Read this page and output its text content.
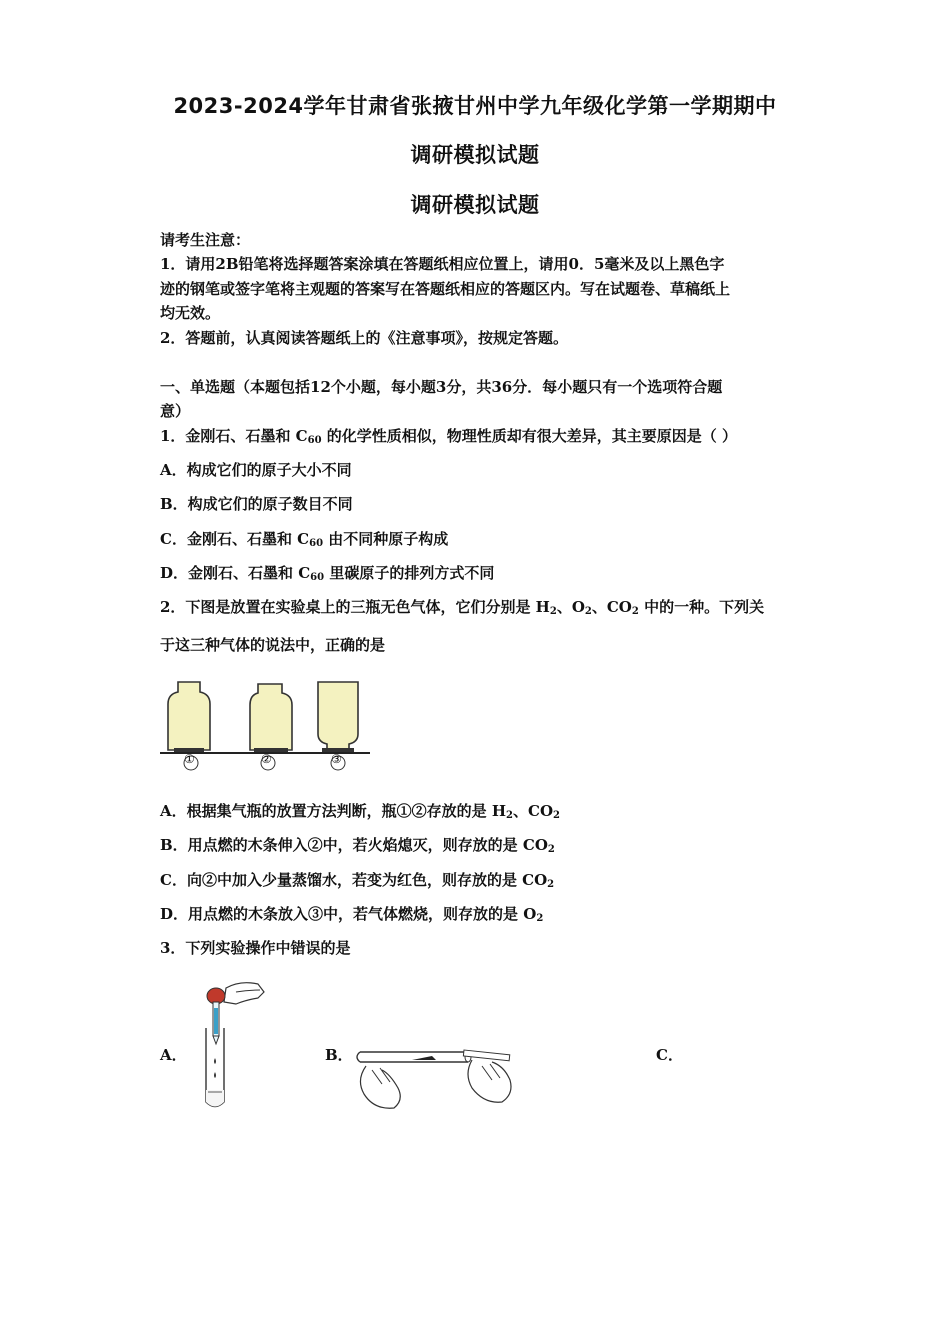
2023-2024学年甘肃省张掖甘州中学九年级化学第一学期期中
调研模拟试题
调研模拟试题
请考生注意：
1．请用2B铅笔将选择题答案涂填在答题纸相应位置上，请用0．5毫米及以上黑色字
迹的钢笔或签字笔将主观题的答案写在答题纸相应的答题区内。写在试题卷、草稿纸上
均无效。
2．答题前，认真阅读答题纸上的《注意事项》，按规定答题。
一、单选题（本题包括12个小题，每小题3分，共36分．每小题只有一个选项符合题
意）
1．金刚石、石墨和 $C_{60}$ 的化学性质相似，物理性质却有很大差异，其主要原因是（ ）
A．构成它们的原子大小不同
B．构成它们的原子数目不同
C．金刚石、石墨和 $C_{60}$ 由不同种原子构成
D．金刚石、石墨和 $C_{60}$ 里碳原子的排列方式不同
2．下图是放置在实验桌上的三瓶无色气体，它们分别是 $H_2$、$O_2$、$CO_2$ 中的一种。下列关
于这三种气体的说法中，正确的是
①	②	③
A．根据集气瓶的放置方法判断，瓶①②存放的是 $H_2$、$CO_2$
B．用点燃的木条伸入②中，若火焰熄灭，则存放的是 $CO_2$
C．向②中加入少量蒸馏水，若变为红色，则存放的是 $CO_2$
D．用点燃的木条放入③中，若气体燃烧，则存放的是 $O_2$
3．下列实验操作中错误的是
A．	B．	C．
